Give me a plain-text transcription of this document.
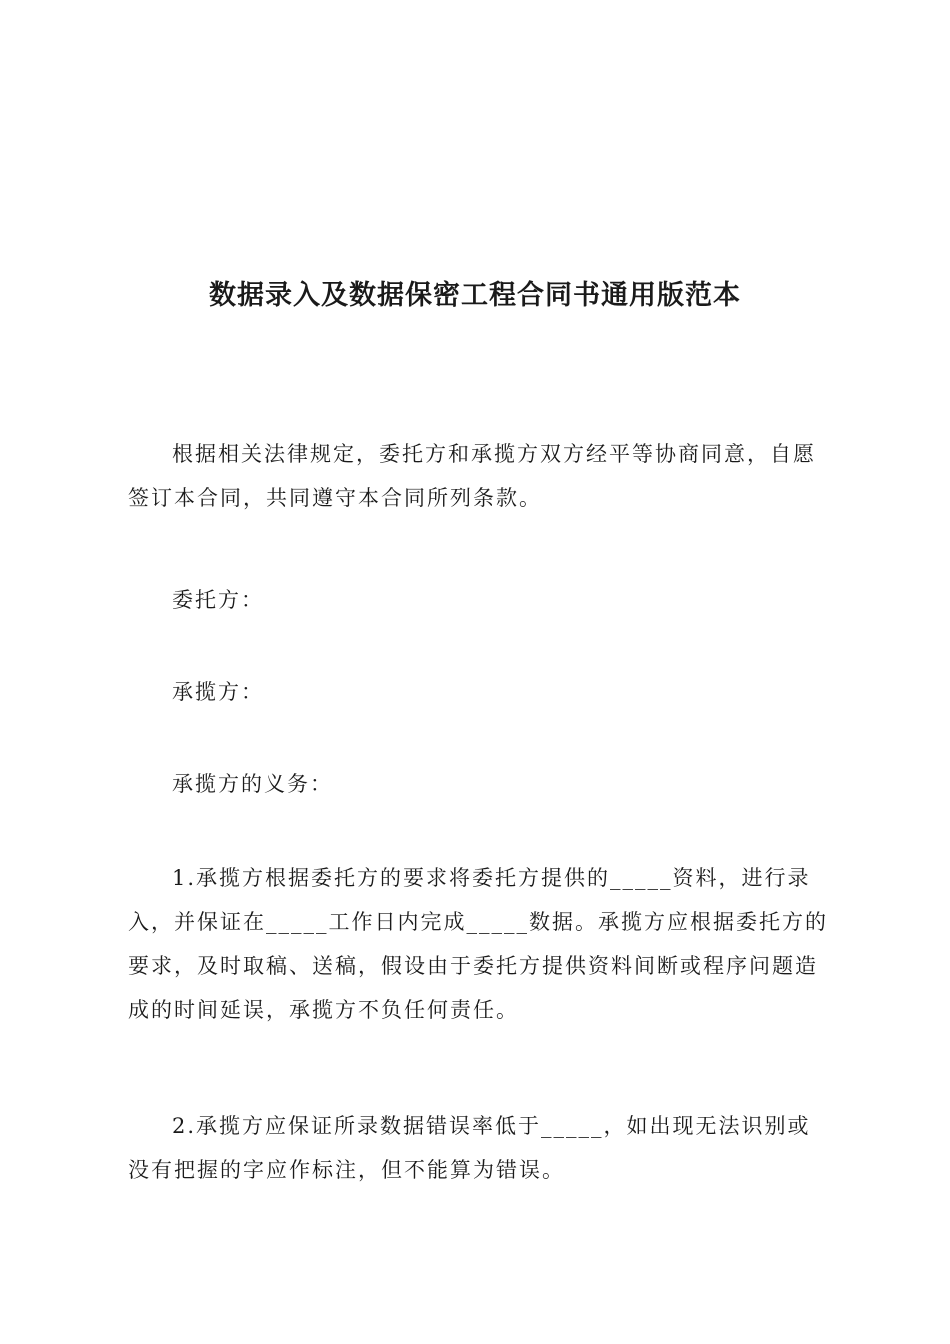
数据录入及数据保密工程合同书通用版范本

根据相关法律规定，委托方和承揽方双方经平等协商同意，自愿签订本合同，共同遵守本合同所列条款。

委托方：

承揽方：

承揽方的义务：

1.承揽方根据委托方的要求将委托方提供的_____资料，进行录入，并保证在_____工作日内完成_____数据。承揽方应根据委托方的要求，及时取稿、送稿，假设由于委托方提供资料间断或程序问题造成的时间延误，承揽方不负任何责任。

2.承揽方应保证所录数据错误率低于_____，如出现无法识别或没有把握的字应作标注，但不能算为错误。
